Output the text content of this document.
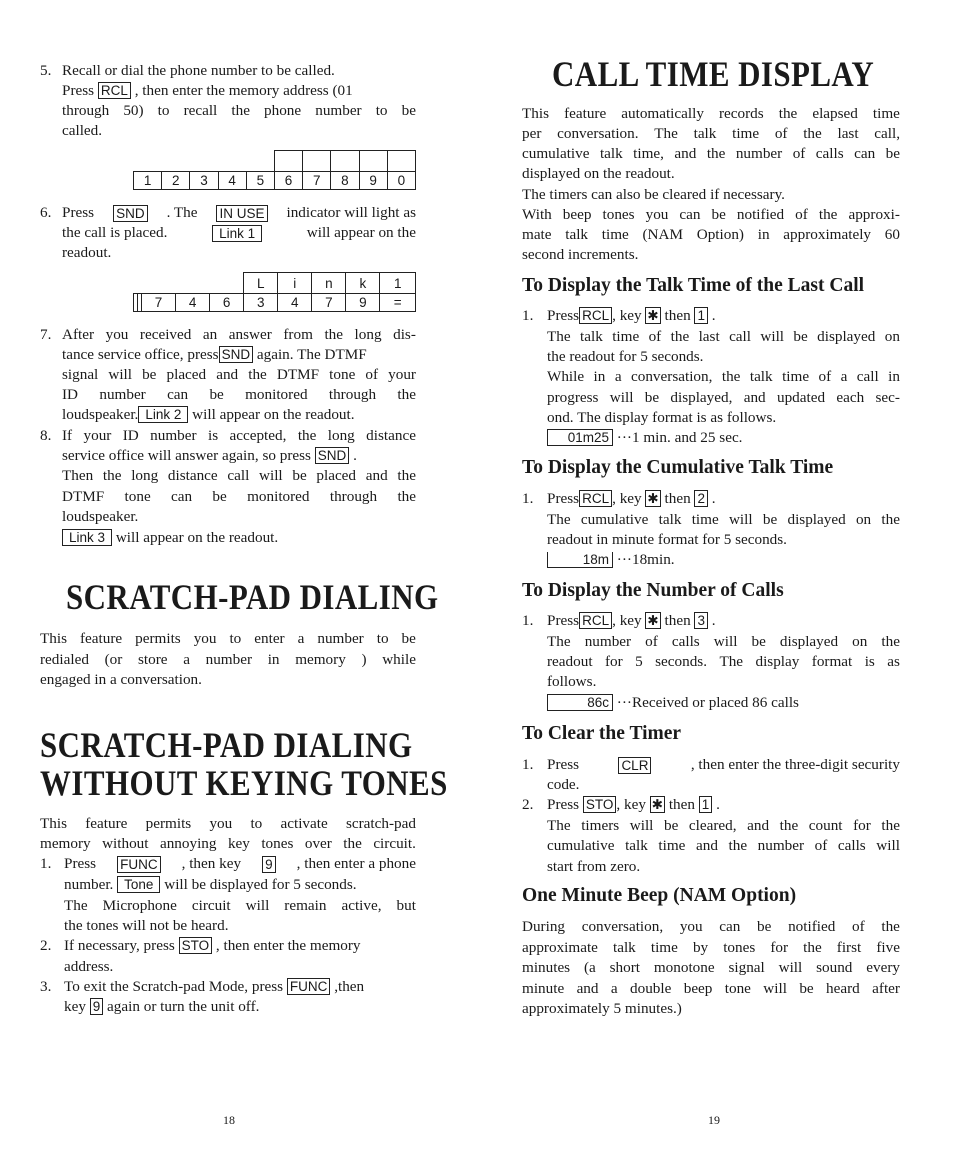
5. Recall or dial the phone number to be called.
Press RCL , then enter the memory address (01
through 50) to recall the phone number to be
called.

1	2	3	4	5	6	7	8	9	0
6. Press SND . The IN USE indicator will light as
the call is placed.	Link 1	will appear on the
readout.
					L	i	n	k	1
		7	4	6	3	4	7	9	=
7. After you received an answer from the long dis-
tance service office, press SND again. The DTMF
signal will be placed and the DTMF tone of your
ID number can be monitored through the
loudspeaker. Link 2 will appear on the readout.
8. If your ID number is accepted, the long distance
service office will answer again, so press SND .
Then the long distance call will be placed and the
DTMF tone can be monitored through the
loudspeaker.
Link 3 will appear on the readout.
SCRATCH-PAD DIALING
This feature permits you to enter a number to be
redialed (or store a number in memory ) while
engaged in a conversation.
SCRATCH-PAD DIALING
WITHOUT KEYING TONES
This feature permits you to activate scratch-pad
memory without annoying key tones over the circuit.
1. Press FUNC , then key 9 , then enter a phone
number. Tone will be displayed for 5 seconds.
The Microphone circuit will remain active, but
the tones will not be heard.
2. If necessary, press STO , then enter the memory
address.
3. To exit the Scratch-pad Mode, press FUNC ,then
key 9 again or turn the unit off.
18
CALL TIME DISPLAY
This feature automatically records the elapsed time
per conversation. The talk time of the last call,
cumulative talk time, and the number of calls can be
displayed on the readout.
The timers can also be cleared if necessary.
With beep tones you can be notified of the approxi-
mate talk time (NAM Option) in approximately 60
second increments.
To Display the Talk Time of the Last Call
1. Press RCL , key ✱ then 1 .
The talk time of the last call will be displayed on
the readout for 5 seconds.
While in a conversation, the talk time of a call in
progress will be displayed, and updated each sec-
ond. The display format is as follows.
01m25 ···1 min. and 25 sec.
To Display the Cumulative Talk Time
1. Press RCL , key ✱ then 2 .
The cumulative talk time will be displayed on the
readout in minute format for 5 seconds.
18m ···18min.
To Display the Number of Calls
1. Press RCL , key ✱ then 3 .
The number of calls will be displayed on the
readout for 5 seconds. The display format is as
follows.
86c ···Received or placed 86 calls
To Clear the Timer
1. Press	CLR	, then enter the three-digit security
code.
2. Press STO , key ✱ then 1 .
The timers will be cleared, and the count for the
cumulative talk time and the number of calls will
start from zero.
One Minute Beep (NAM Option)
During conversation, you can be notified of the
approximate talk time by tones for the first five
minutes (a short monotone signal will sound every
minute and a double beep tone will be heard after
approximately 5 minutes.)
19
